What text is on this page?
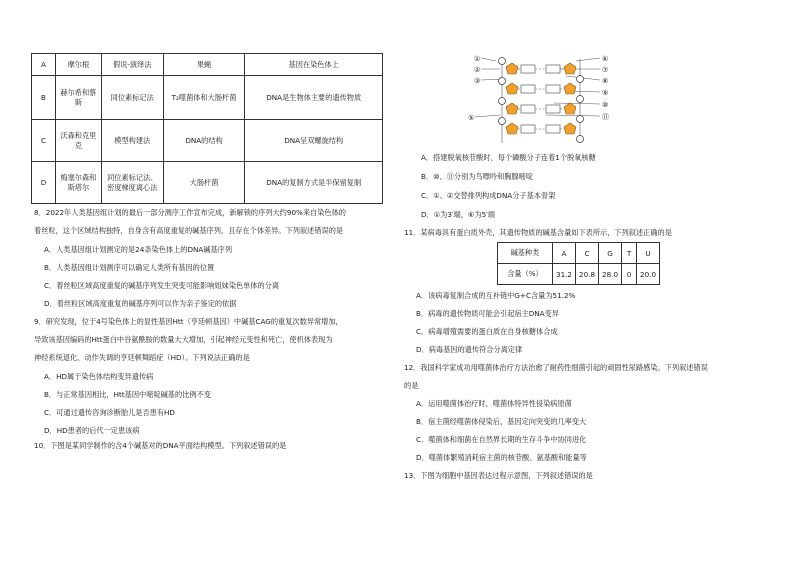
A	摩尔根	假说-演绎法	果蝇	基因在染色体上
B	赫尔希和蔡斯	同位素标记法	T₂噬菌体和大肠杆菌	DNA是生物体主要的遗传物质
C	沃森和克里克	模型构建法	DNA的结构	DNA呈双螺旋结构
D	梅塞尔森和斯塔尔	同位素标记法、密度梯度离心法	大肠杆菌	DNA的复制方式是半保留复制
8．2022年人类基因组计划的最后一部分测序工作宣布完成，新解锁的序列大约90%来自染色体的
着丝粒，这个区域结构独特，自身含有高度重复的碱基序列，且存在个体差异。下列叙述错误的是
A．人类基因组计划测定的是24条染色体上的DNA碱基序列
B．人类基因组计划测序可以确定人类所有基因的位置
C．着丝粒区域高度重复的碱基序列发生突变可能影响姐妹染色单体的分离
D．着丝粒区域高度重复的碱基序列可以作为亲子鉴定的依据
9．研究发现，位于4号染色体上的显性基因Htt（亨廷顿基因）中碱基CAG的重复次数异常增加，
导致该基因编码的Htt蛋白中谷氨酰胺的数量大大增加，引起神经元变性和死亡，使机体表现为
神经系统退化、动作失调的亨廷顿舞蹈症（HD）。下列说法正确的是
A．HD属于染色体结构变异遗传病
B．与正常基因相比，Htt基因中嘧啶碱基的比例不变
C．可通过遗传咨询诊断胎儿是否患有HD
D．HD患者的后代一定患该病
10．下图是某同学制作的含4个碱基对的DNA平面结构模型。下列叙述错误的是
①
②
③
⑤
⑥
⑦
⑧
⑨
⑩
⑪
A．搭建脱氧核苷酸时，每个磷酸分子连着1个脱氧核糖
B．⑩、⑪分别为鸟嘌呤和胸腺嘧啶
C．①、②交替排列构成DNA分子基本骨架
D．①为3′端，⑥为5′端
11．某病毒具有蛋白质外壳，其遗传物质的碱基含量如下表所示，下列叙述正确的是
碱基种类	A	C	G	T	U
含量（%）	31.2	20.8	28.0	0	20.0
A．该病毒复制合成的互补链中G+C含量为51.2%
B．病毒的遗传物质可能会引起宿主DNA变异
C．病毒增殖需要的蛋白质在自身核糖体合成
D．病毒基因的遗传符合分离定律
12．我国科学家成功用噬菌体治疗方法治愈了耐药性细菌引起的顽固性尿路感染。下列叙述错误
的是
A．运用噬菌体治疗时，噬菌体特异性侵染病原菌
B．宿主菌经噬菌体侵染后，基因定向突变的几率变大
C．噬菌体和细菌在自然界长期的生存斗争中协同进化
D．噬菌体繁殖消耗宿主菌的核苷酸、氨基酸和能量等
13．下图为细胞中基因表达过程示意图，下列叙述错误的是
